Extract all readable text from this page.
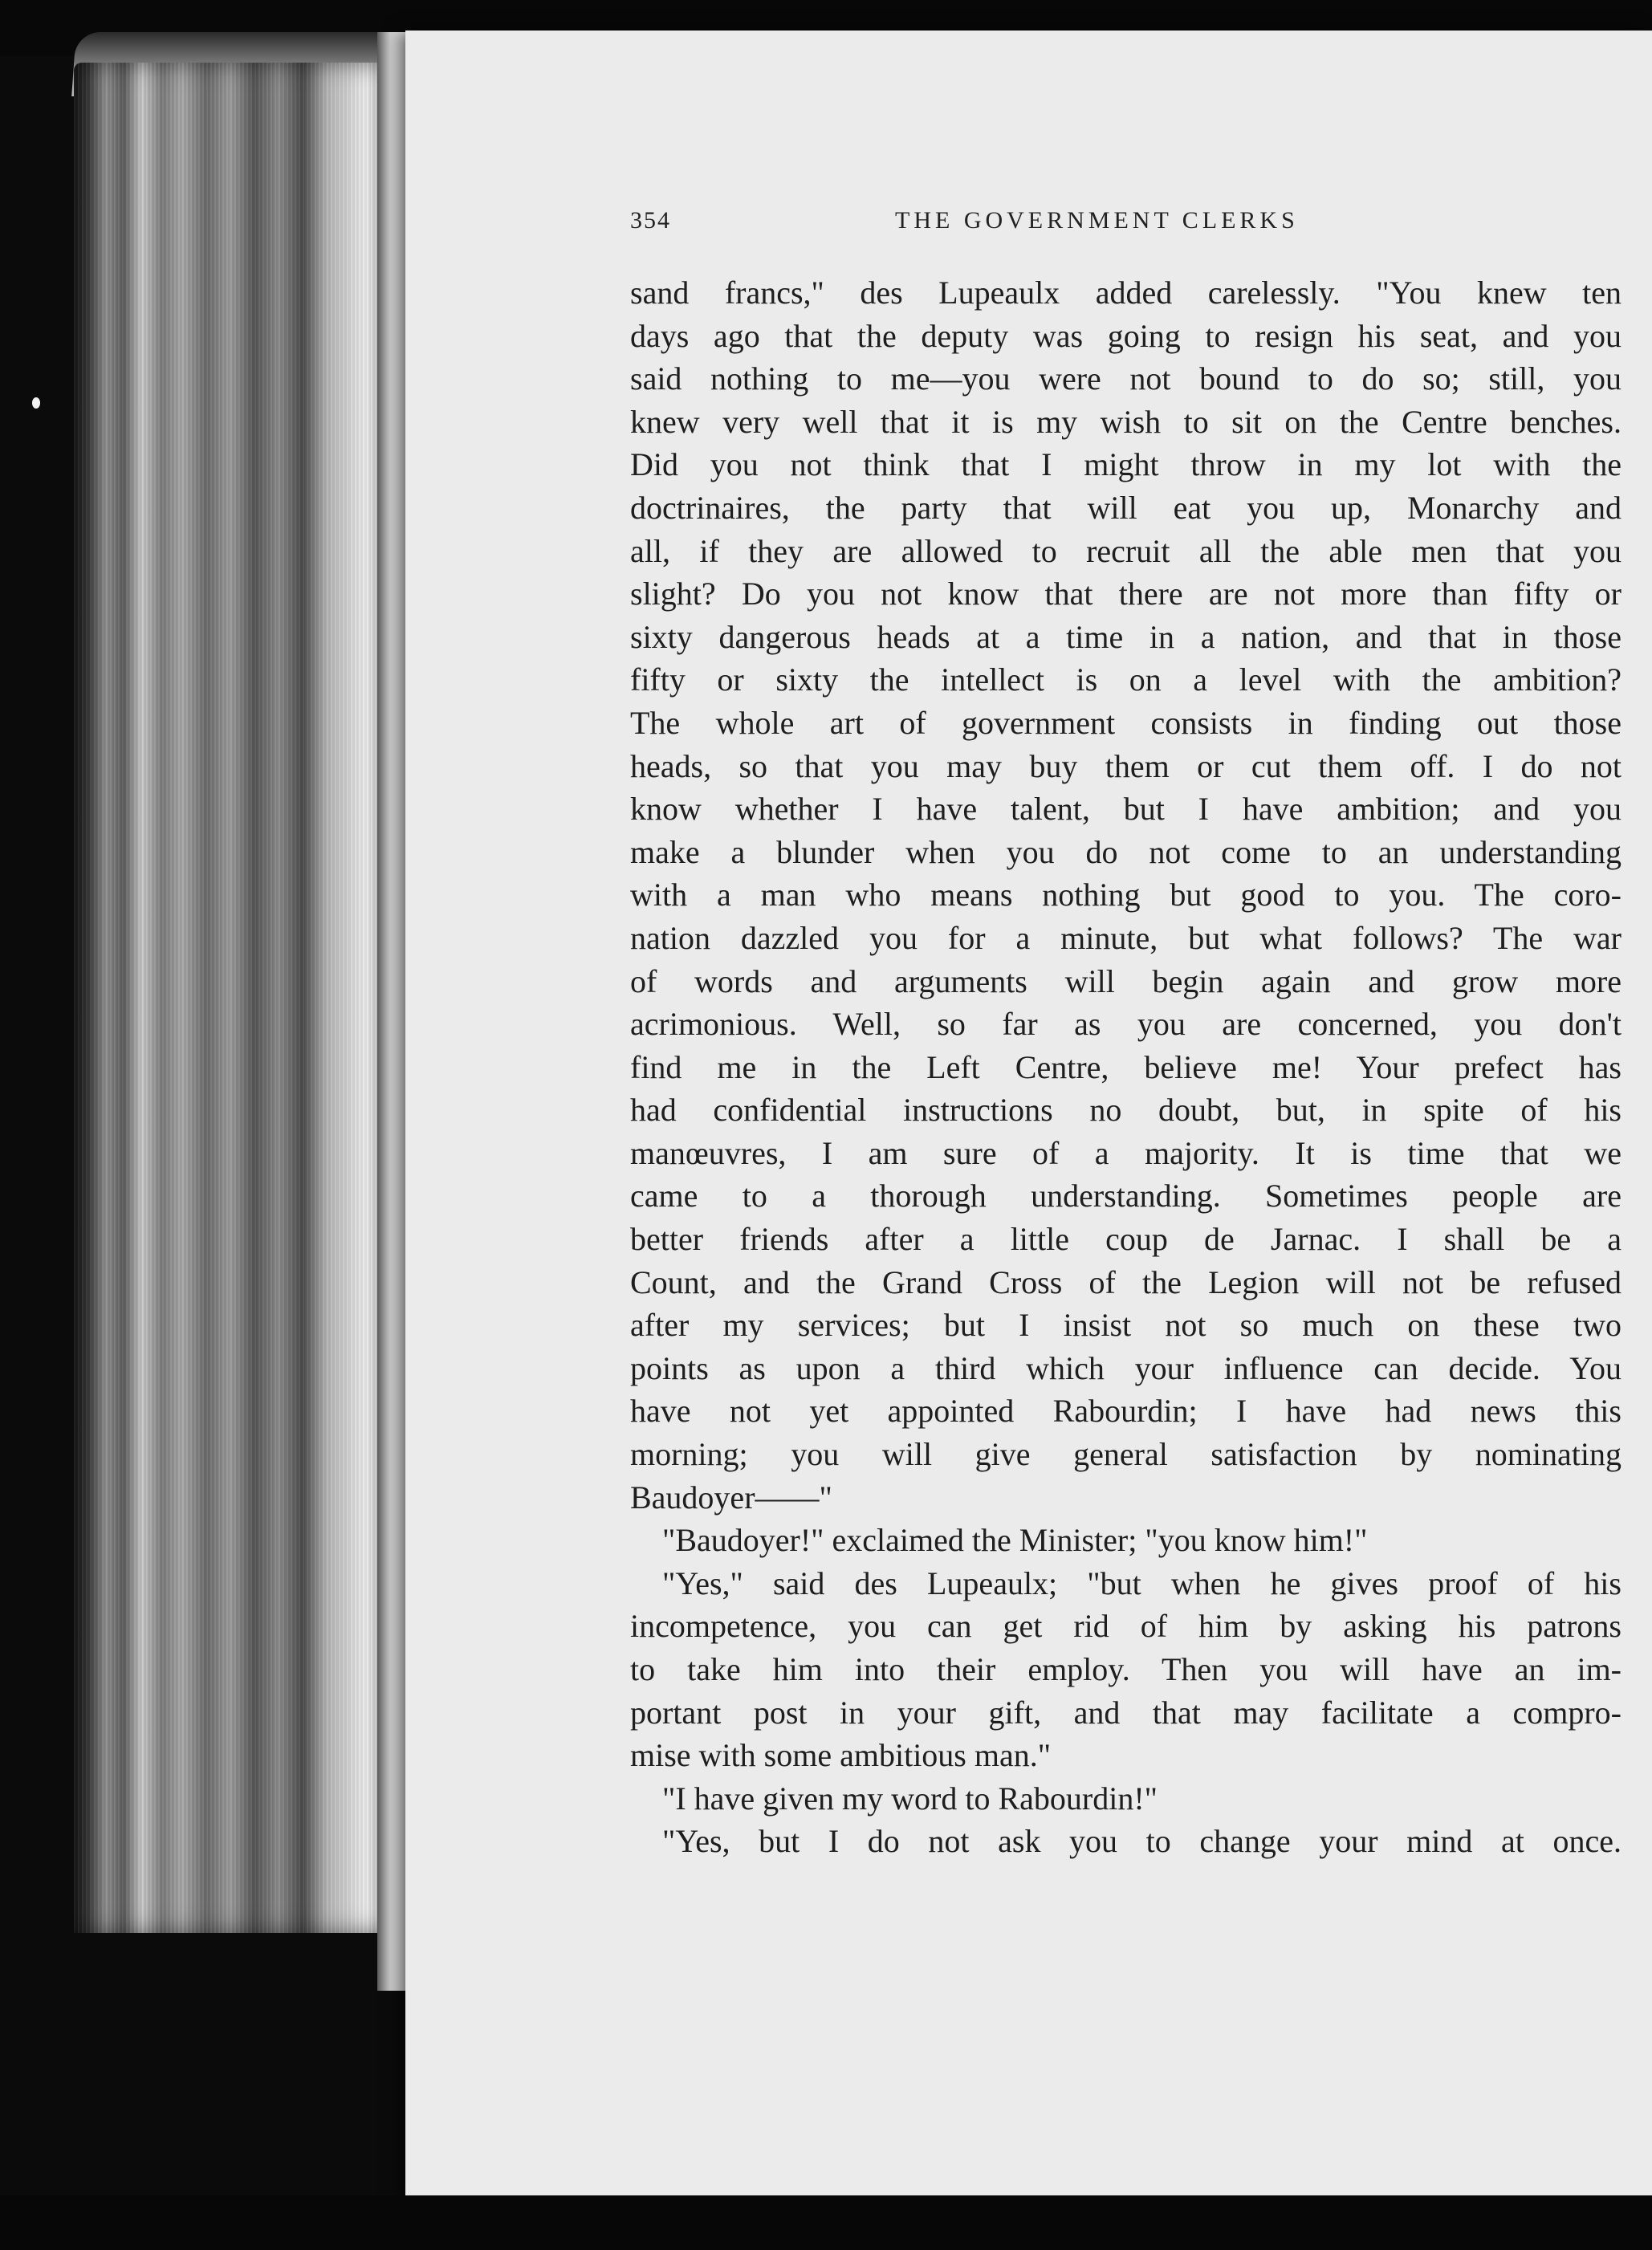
354	THE GOVERNMENT CLERKS
sand francs," des Lupeaulx added carelessly. "You knew ten
days ago that the deputy was going to resign his seat, and you
said nothing to me—you were not bound to do so; still, you
knew very well that it is my wish to sit on the Centre benches.
Did you not think that I might throw in my lot with the
doctrinaires, the party that will eat you up, Monarchy and
all, if they are allowed to recruit all the able men that you
slight? Do you not know that there are not more than fifty or
sixty dangerous heads at a time in a nation, and that in those
fifty or sixty the intellect is on a level with the ambition?
The whole art of government consists in finding out those
heads, so that you may buy them or cut them off. I do not
know whether I have talent, but I have ambition; and you
make a blunder when you do not come to an understanding
with a man who means nothing but good to you. The coro-
nation dazzled you for a minute, but what follows? The war
of words and arguments will begin again and grow more
acrimonious. Well, so far as you are concerned, you don't
find me in the Left Centre, believe me! Your prefect has
had confidential instructions no doubt, but, in spite of his
manœuvres, I am sure of a majority. It is time that we
came to a thorough understanding. Sometimes people are
better friends after a little coup de Jarnac. I shall be a
Count, and the Grand Cross of the Legion will not be refused
after my services; but I insist not so much on these two
points as upon a third which your influence can decide. You
have not yet appointed Rabourdin; I have had news this
morning; you will give general satisfaction by nominating
Baudoyer——"
"Baudoyer!" exclaimed the Minister; "you know him!"
"Yes," said des Lupeaulx; "but when he gives proof of his
incompetence, you can get rid of him by asking his patrons
to take him into their employ. Then you will have an im-
portant post in your gift, and that may facilitate a compro-
mise with some ambitious man."
"I have given my word to Rabourdin!"
"Yes, but I do not ask you to change your mind at once.
